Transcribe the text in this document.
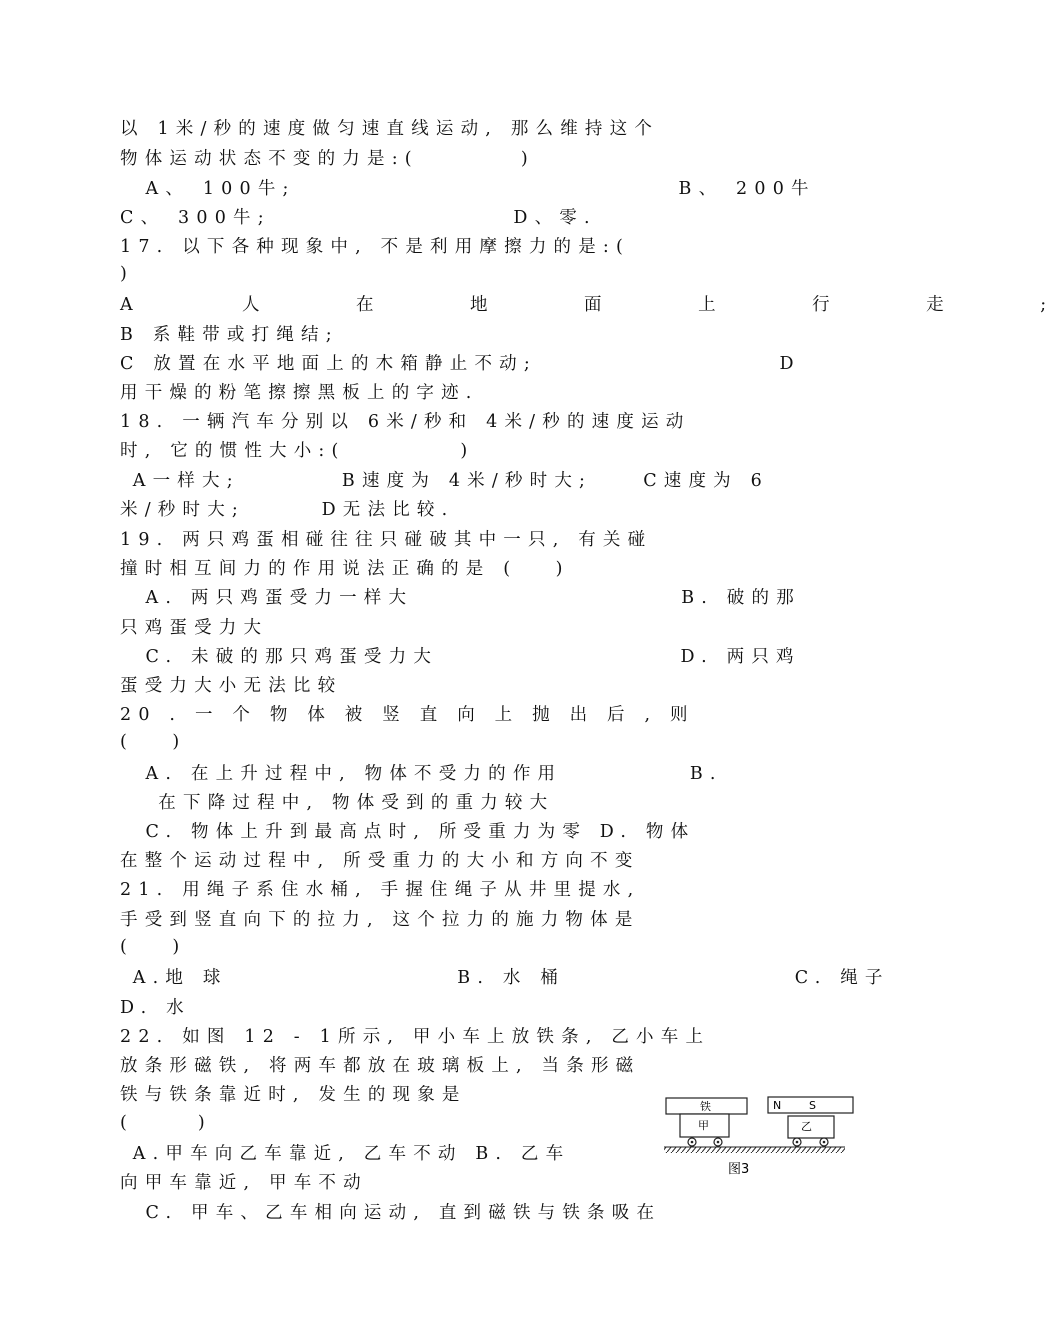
以 1米/秒的速度做匀速直线运动, 那么维持这个
物体运动状态不变的力是:(        )
A、 100牛;                              B、 200牛
C、 300牛;                   D、零.
17. 以下各种现象中, 不是利用摩擦力的是:(
)
A        人       在       地       面       上       行       走       ;
B 系鞋带或打绳结;
C 放置在水平地面上的木箱静止不动;                   D
用干燥的粉笔擦擦黑板上的字迹.
18. 一辆汽车分别以 6米/秒和 4米/秒的速度运动
时, 它的惯性大小:(         )
A一样大;        B速度为 4米/秒时大;    C速度为 6
米/秒时大;      D无法比较.
19. 两只鸡蛋相碰往往只碰破其中一只, 有关碰
撞时相互间力的作用说法正确的是 (   )
A. 两只鸡蛋受力一样大                     B. 破的那
只鸡蛋受力大
C. 未破的那只鸡蛋受力大                   D. 两只鸡
蛋受力大小无法比较
20 . 一 个 物 体 被 竖 直 向 上 抛 出 后 , 则
(   )
A. 在上升过程中, 物体不受力的作用          B.
在下降过程中, 物体受到的重力较大
C. 物体上升到最高点时, 所受重力为零 D. 物体
在整个运动过程中, 所受重力的大小和方向不变
21. 用绳子系住水桶, 手握住绳子从井里提水,
手受到竖直向下的拉力, 这个拉力的施力物体是
(   )
A.地 球                  B. 水 桶                  C. 绳子
D. 水
22. 如图 12 - 1所示, 甲小车上放铁条, 乙小车上
放条形磁铁, 将两车都放在玻璃板上, 当条形磁
铁与铁条靠近时, 发生的现象是
(     )
A.甲车向乙车靠近, 乙车不动 B. 乙车
向甲车靠近, 甲车不动
C. 甲车、乙车相向运动, 直到磁铁与铁条吸在
铁
甲
N	S
乙
图3
